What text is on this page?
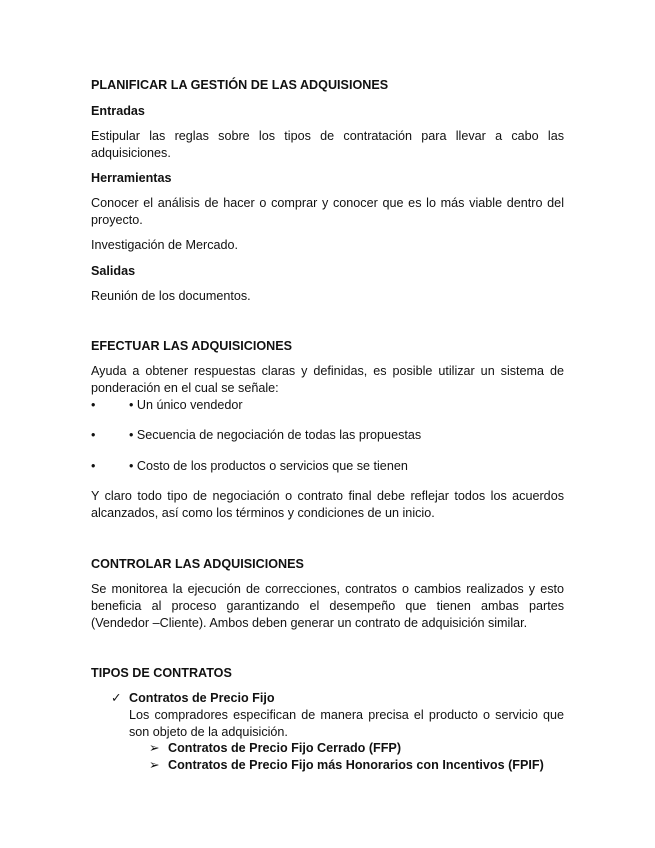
PLANIFICAR LA GESTIÓN DE LAS ADQUISIONES
Entradas
Estipular las reglas sobre los tipos de contratación para llevar a cabo las
adquisiciones.
Herramientas
Conocer el análisis de hacer o comprar y conocer que es lo más viable dentro del
proyecto.
Investigación de Mercado.
Salidas
Reunión de los documentos.
EFECTUAR LAS ADQUISICIONES
Ayuda a obtener respuestas claras y definidas, es posible utilizar un sistema de
ponderación en el cual se señale:
•	• Un único vendedor
•	• Secuencia de negociación de todas las propuestas
•	• Costo de los productos o servicios que se tienen
Y claro todo tipo de negociación o contrato final debe reflejar todos los acuerdos
alcanzados, así como los términos y condiciones de un inicio.
CONTROLAR LAS ADQUISICIONES
Se monitorea la ejecución de correcciones, contratos o cambios realizados y esto
beneficia al proceso garantizando el desempeño que tienen ambas partes
(Vendedor –Cliente). Ambos deben generar un contrato de adquisición similar.
TIPOS DE CONTRATOS
✓ Contratos de Precio Fijo
Los compradores especifican de manera precisa el producto o servicio que
son objeto de la adquisición.
➢ Contratos de Precio Fijo Cerrado (FFP)
➢ Contratos de Precio Fijo más Honorarios con Incentivos (FPIF)
